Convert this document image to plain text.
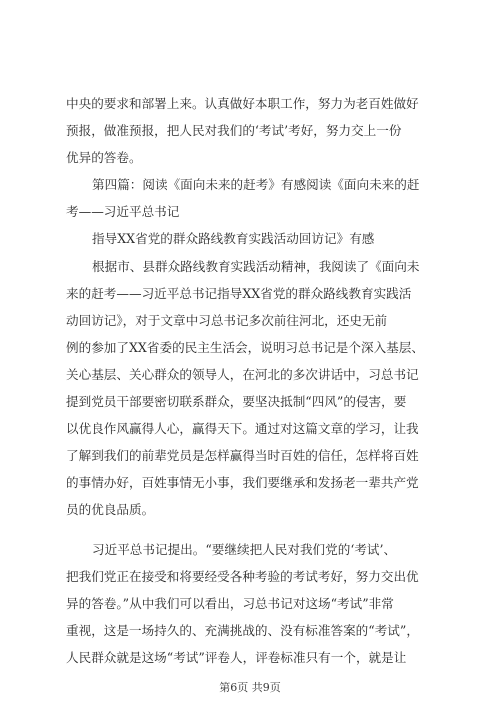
中央的要求和部署上来。认真做好本职工作，努力为老百姓做好
预报，做准预报，把人民对我们的‘考试’考好，努力交上一份
优异的答卷。
第四篇：阅读《面向未来的赶考》有感阅读《面向未来的赶
考——习近平总书记
指导XX省党的群众路线教育实践活动回访记》有感
根据市、县群众路线教育实践活动精神，我阅读了《面向未
来的赶考——习近平总书记指导XX省党的群众路线教育实践活
动回访记》，对于文章中习总书记多次前往河北，还史无前
例的参加了XX省委的民主生活会，说明习总书记是个深入基层、
关心基层、关心群众的领导人，在河北的多次讲话中，习总书记
提到党员干部要密切联系群众，要坚决抵制“四风”的侵害，要
以优良作风赢得人心，赢得天下。通过对这篇文章的学习，让我
了解到我们的前辈党员是怎样赢得当时百姓的信任，怎样将百姓
的事情办好，百姓事情无小事，我们要继承和发扬老一辈共产党
员的优良品质。
习近平总书记提出。“要继续把人民对我们党的‘考试’、
把我们党正在接受和将要经受各种考验的考试考好，努力交出优
异的答卷。”从中我们可以看出，习总书记对这场“考试”非常
重视，这是一场持久的、充满挑战的、没有标准答案的“考试”，
人民群众就是这场“考试”评卷人，评卷标准只有一个，就是让
第6页 共9页
